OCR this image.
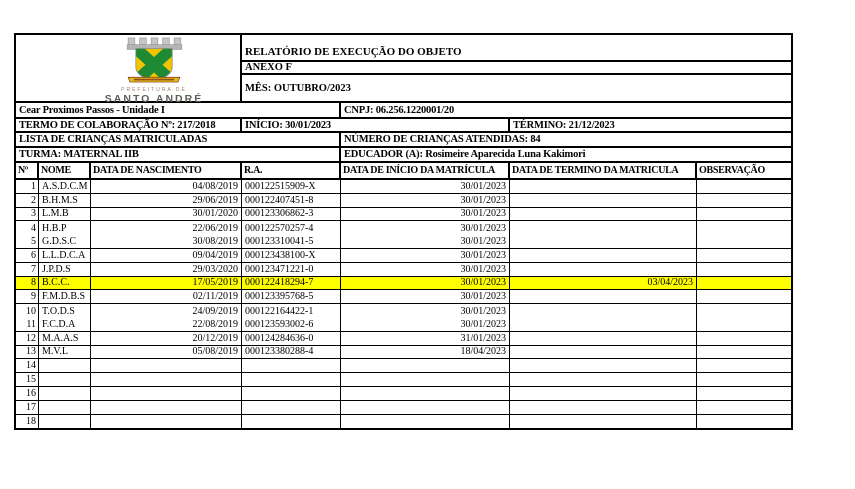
PREFEITURA DE
SANTO ANDRÉ
RELATÓRIO DE EXECUÇÃO DO OBJETO
ANEXO F
MÊS: OUTUBRO/2023
Cear Proximos Passos - Unidade I	CNPJ: 06.256.1220001/20
TERMO DE COLABORAÇÃO Nº: 217/2018	INÍCIO: 30/01/2023	TÉRMINO: 21/12/2023
LISTA DE CRIANÇAS MATRICULADAS	NÚMERO DE CRIANÇAS ATENDIDAS: 84
TURMA: MATERNAL IIB	EDUCADOR (A): Rosimeire Aparecida Luna Kakimori
Nº	NOME	DATA DE NASCIMENTO	R.A.	DATA DE INÍCIO DA MATRÍCULA	DATA DE TERMINO DA MATRICULA	OBSERVAÇÃO
1 A.S.D.C.M	04/08/2019 000122515909-X	30/01/2023
2 B.H.M.S	29/06/2019 000122407451-8	30/01/2023
3 L.M.B	30/01/2020 000123306862-3	30/01/2023
4 H.B.P	22/06/2019 000122570257-4	30/01/2023
5 G.D.S.C	30/08/2019 000123310041-5	30/01/2023
6 L.L.D.C.A	09/04/2019 000123438100-X	30/01/2023
7 J.P.D.S	29/03/2020 000123471221-0	30/01/2023
8 B.C.C.	17/05/2019 000122418294-7	30/01/2023	03/04/2023
9 F.M.D.B.S	02/11/2019 000123395768-5	30/01/2023
10 T.O.D.S	24/09/2019 000122164422-1	30/01/2023
11 F.C.D.A	22/08/2019 000123593002-6	30/01/2023
12 M.A.A.S	20/12/2019 000124284636-0	31/01/2023
13 M.V.L	05/08/2019 000123380288-4	18/04/2023
14
15
16
17
18
